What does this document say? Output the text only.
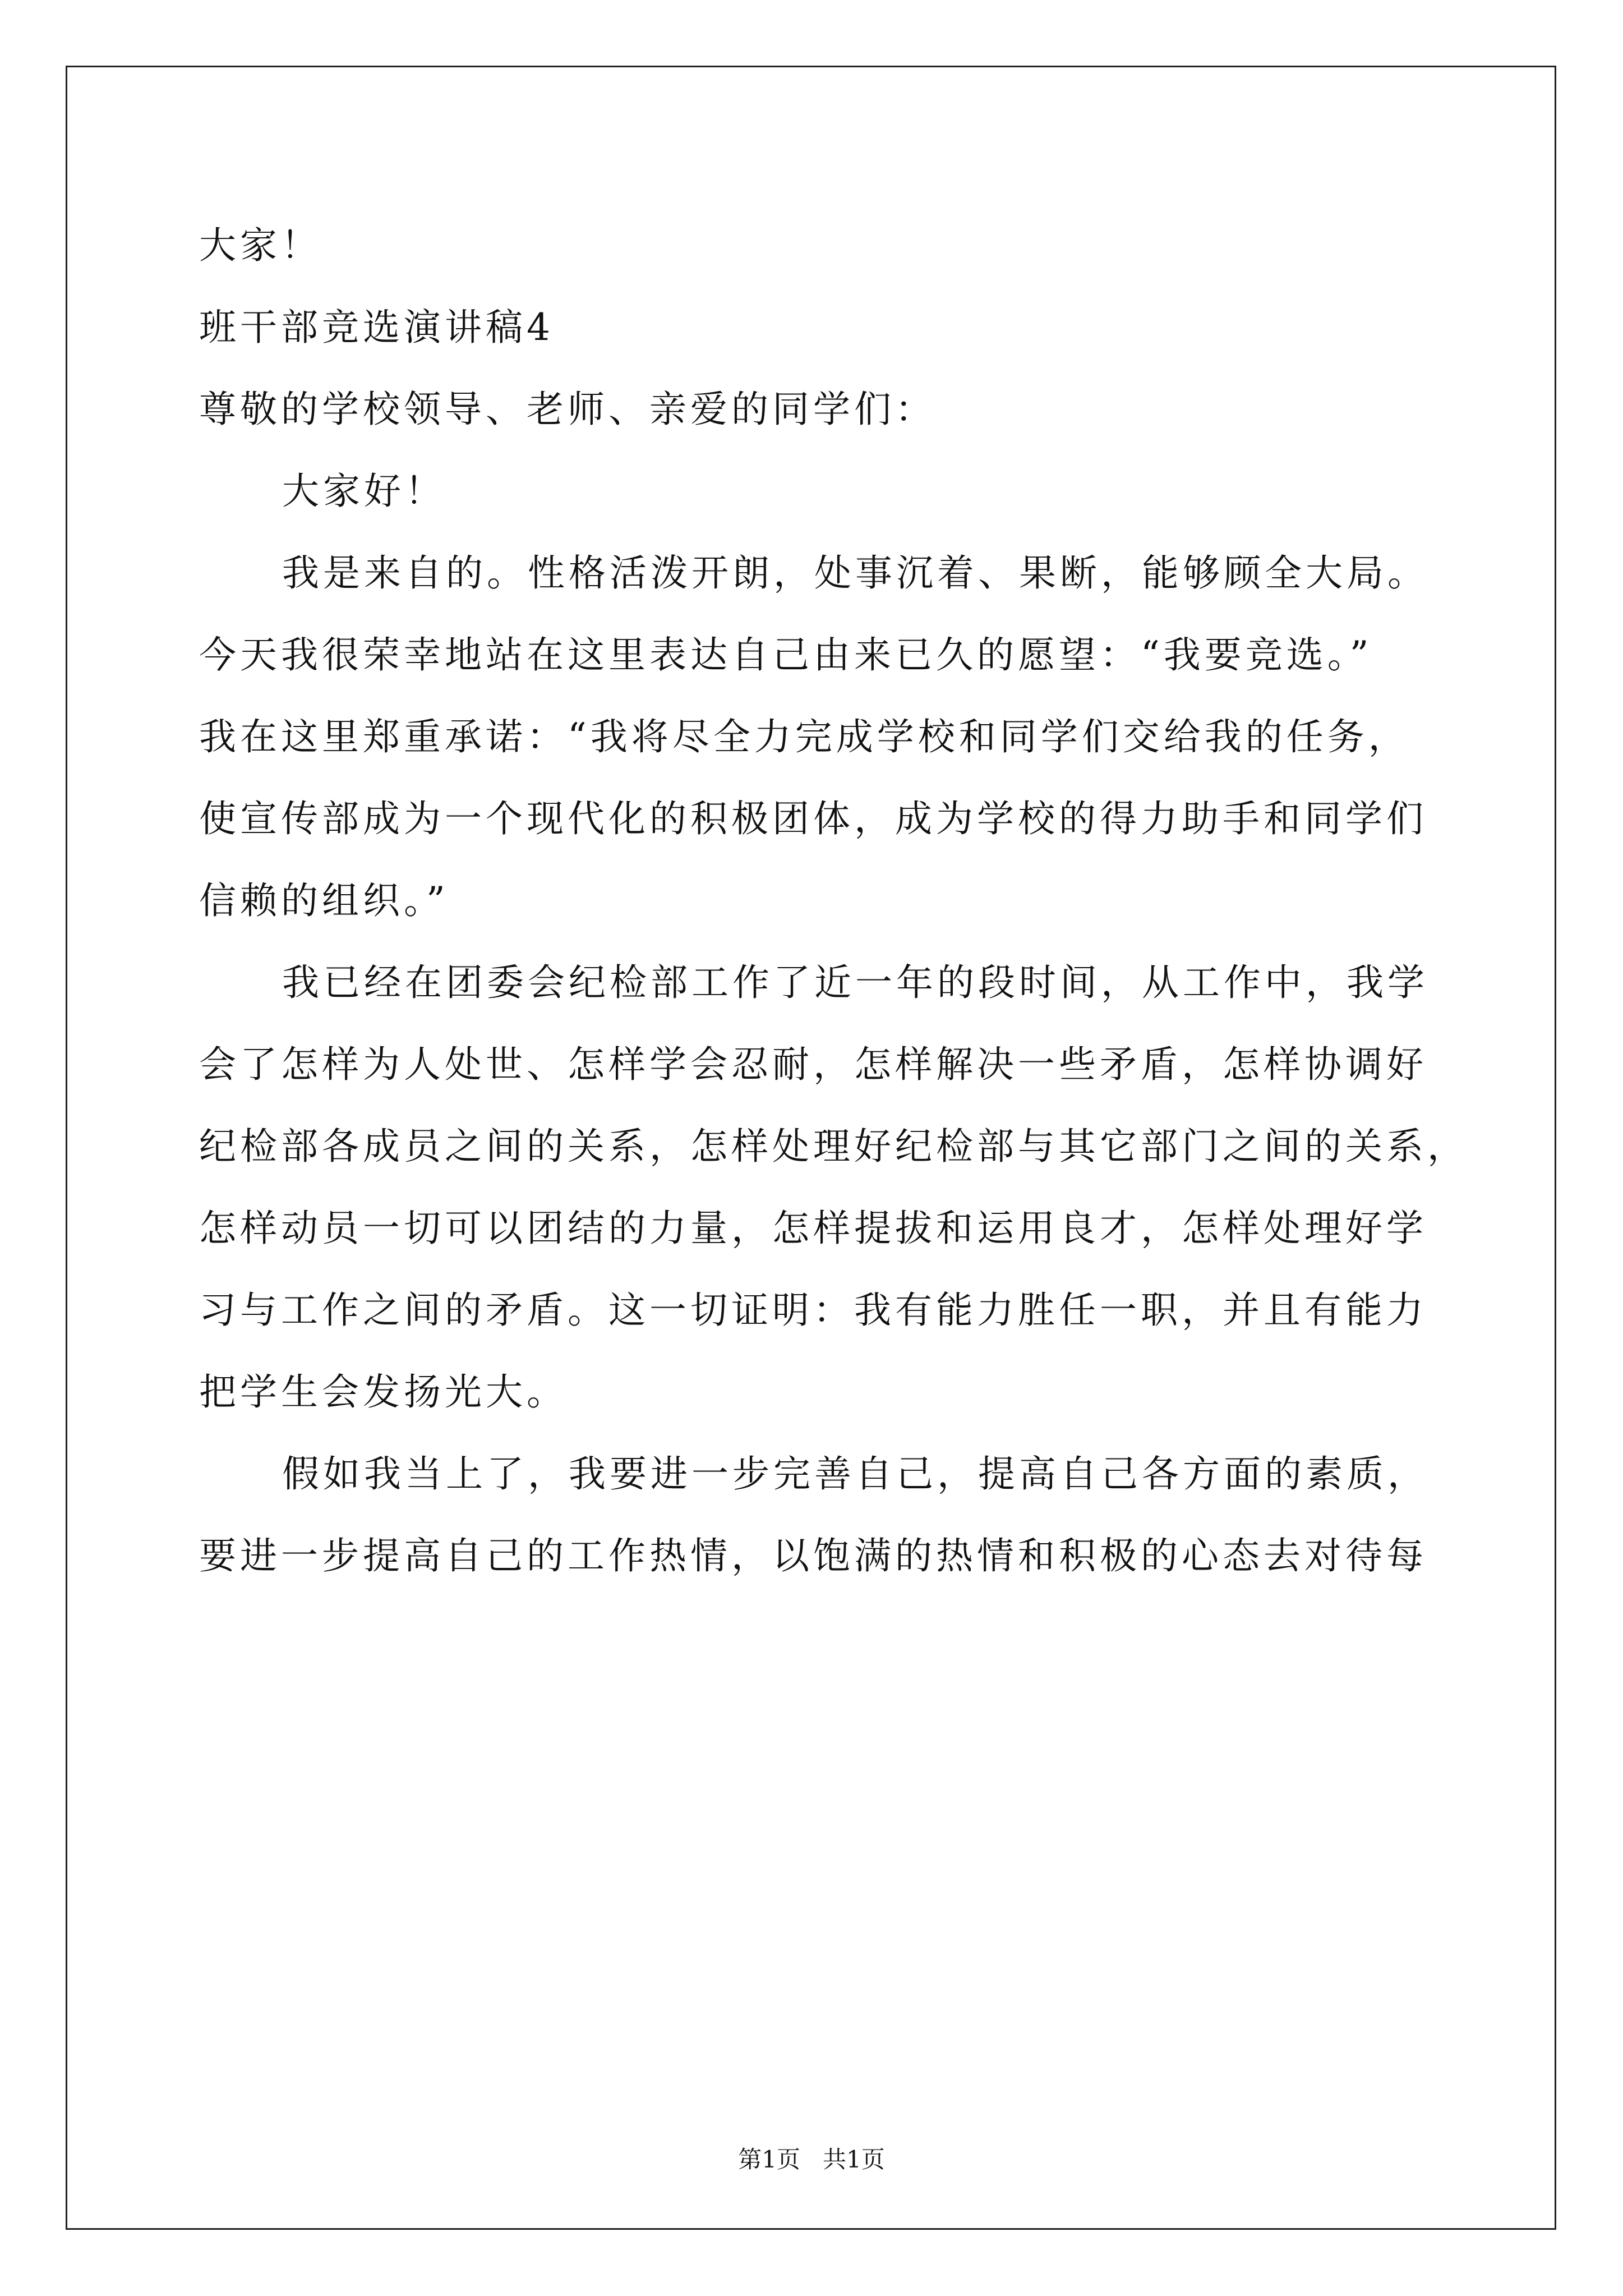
大家！
班干部竞选演讲稿4
尊敬的学校领导、老师、亲爱的同学们：
大家好！
我是来自的。性格活泼开朗，处事沉着、果断，能够顾全大局。
今天我很荣幸地站在这里表达自己由来已久的愿望：“我要竞选。”
我在这里郑重承诺：“我将尽全力完成学校和同学们交给我的任务，
使宣传部成为一个现代化的积极团体，成为学校的得力助手和同学们
信赖的组织。”
我已经在团委会纪检部工作了近一年的段时间，从工作中，我学
会了怎样为人处世、怎样学会忍耐，怎样解决一些矛盾，怎样协调好
纪检部各成员之间的关系，怎样处理好纪检部与其它部门之间的关系，
怎样动员一切可以团结的力量，怎样提拔和运用良才，怎样处理好学
习与工作之间的矛盾。这一切证明：我有能力胜任一职，并且有能力
把学生会发扬光大。
假如我当上了，我要进一步完善自己，提高自己各方面的素质，
要进一步提高自己的工作热情，以饱满的热情和积极的心态去对待每
第1页   共1页
